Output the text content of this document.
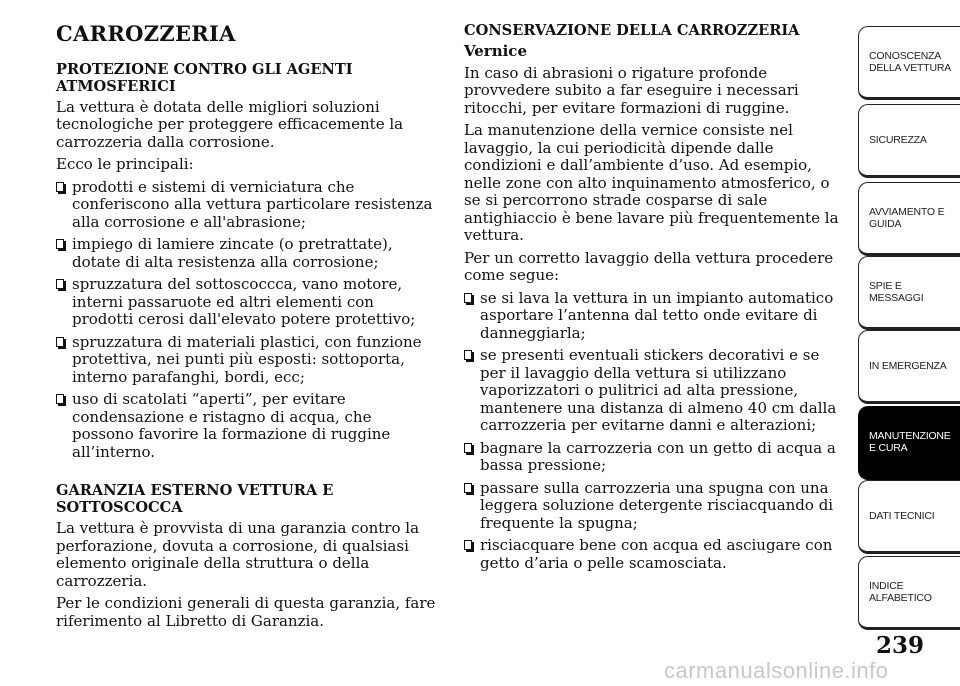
CARROZZERIA
PROTEZIONE CONTRO GLI AGENTI ATMOSFERICI

La vettura è dotata delle migliori soluzioni tecnologiche per proteggere efficacemente la carrozzeria dalla corrosione.

Ecco le principali:

prodotti e sistemi di verniciatura che conferiscono alla vettura particolare resistenza alla corrosione e all'abrasione;
impiego di lamiere zincate (o pretrattate), dotate di alta resistenza alla corrosione;
spruzzatura del sottoscoccca, vano motore, interni passaruote ed altri elementi con prodotti cerosi dall'elevato potere protettivo;
spruzzatura di materiali plastici, con funzione protettiva, nei punti più esposti: sottoporta, interno parafanghi, bordi, ecc;
uso di scatolati “aperti”, per evitare condensazione e ristagno di acqua, che possono favorire la formazione di ruggine all’interno.
GARANZIA ESTERNO VETTURA E SOTTOSCOCCA

La vettura è provvista di una garanzia contro la perforazione, dovuta a corrosione, di qualsiasi elemento originale della struttura o della carrozzeria.

Per le condizioni generali di questa garanzia, fare riferimento al Libretto di Garanzia.

CONSERVAZIONE DELLA CARROZZERIA
Vernice

In caso di abrasioni o rigature profonde provvedere subito a far eseguire i necessari ritocchi, per evitare formazioni di ruggine.

La manutenzione della vernice consiste nel lavaggio, la cui periodicità dipende dalle condizioni e dall’ambiente d’uso. Ad esempio, nelle zone con alto inquinamento atmosferico, o se si percorrono strade cosparse di sale antighiaccio è bene lavare più frequentemente la vettura.

Per un corretto lavaggio della vettura procedere come segue:

se si lava la vettura in un impianto automatico asportare l’antenna dal tetto onde evitare di danneggiarla;
se presenti eventuali stickers decorativi e se per il lavaggio della vettura si utilizzano vaporizzatori o pulitrici ad alta pressione, mantenere una distanza di almeno 40 cm dalla carrozzeria per evitarne danni e alterazioni;
bagnare la carrozzeria con un getto di acqua a bassa pressione;
passare sulla carrozzeria una spugna con una leggera soluzione detergente risciacquando di frequente la spugna;
risciacquare bene con acqua ed asciugare con getto d’aria o pelle scamosciata.
CONOSCENZA DELLA VETTURA
SICUREZZA
AVVIAMENTO E GUIDA
SPIE E MESSAGGI
IN EMERGENZA
MANUTENZIONE E CURA
DATI TECNICI
INDICE ALFABETICO
239
carmanualsonline.info
